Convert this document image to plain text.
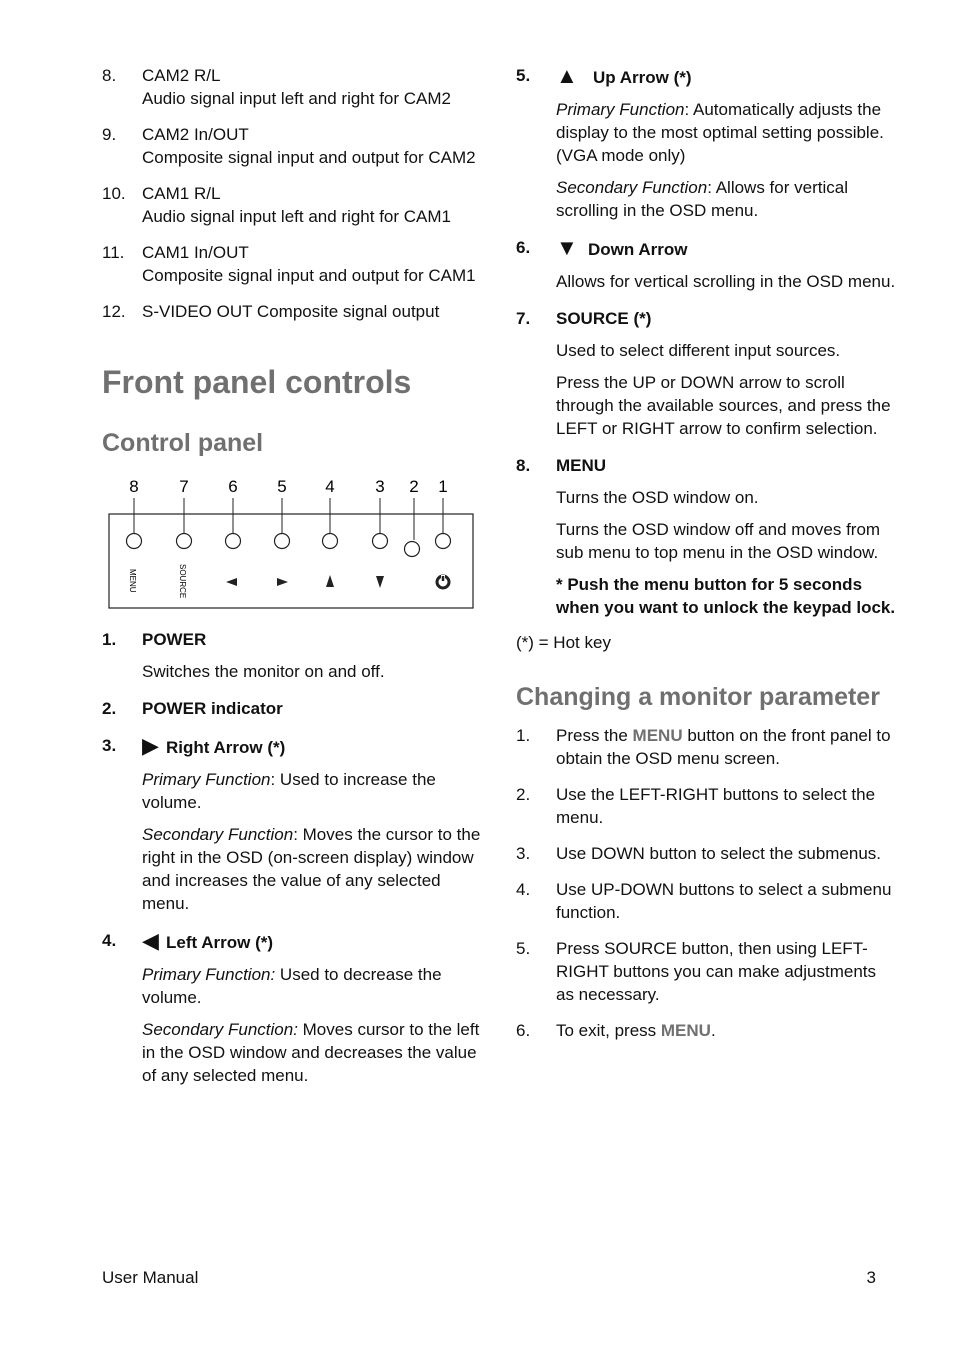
8.	CAM2 R/L
Audio signal input left and right for CAM2
9.	CAM2 In/OUT
Composite signal input and output for CAM2
10. CAM1 R/L
Audio signal input left and right for CAM1
11.	CAM1 In/OUT
Composite signal input and output for CAM1
12. S-VIDEO OUT Composite signal output
Front panel controls
Control panel
8 7 6 5 4 3 2 1
MENU	SOURCE
1.	POWER
Switches the monitor on and off.
2.	POWER indicator
3.	▶ Right Arrow (*)
Primary Function: Used to increase the volume.
Secondary Function: Moves the cursor to the right in the OSD (on-screen display) window and increases the value of any selected menu.
4.	◀ Left Arrow (*)
Primary Function: Used to decrease the volume.
Secondary Function: Moves cursor to the left in the OSD window and decreases the value of any selected menu.
5.	▲ Up Arrow (*)
Primary Function: Automatically adjusts the display to the most optimal setting possible. (VGA mode only)
Secondary Function: Allows for vertical scrolling in the OSD menu.
6.	▼ Down Arrow
Allows for vertical scrolling in the OSD menu.
7.	SOURCE (*)
Used to select different input sources.
Press the UP or DOWN arrow to scroll through the available sources, and press the LEFT or RIGHT arrow to confirm selection.
8.	MENU
Turns the OSD window on.
Turns the OSD window off and moves from sub menu to top menu in the OSD window.
* Push the menu button for 5 seconds when you want to unlock the keypad lock.
(*) = Hot key
Changing a monitor parameter
1.	Press the MENU button on the front panel to obtain the OSD menu screen.
2.	Use the LEFT-RIGHT buttons to select the menu.
3.	Use DOWN button to select the submenus.
4.	Use UP-DOWN buttons to select a submenu function.
5.	Press SOURCE button, then using LEFT-RIGHT buttons you can make adjustments as necessary.
6.	To exit, press MENU.
User Manual	3
